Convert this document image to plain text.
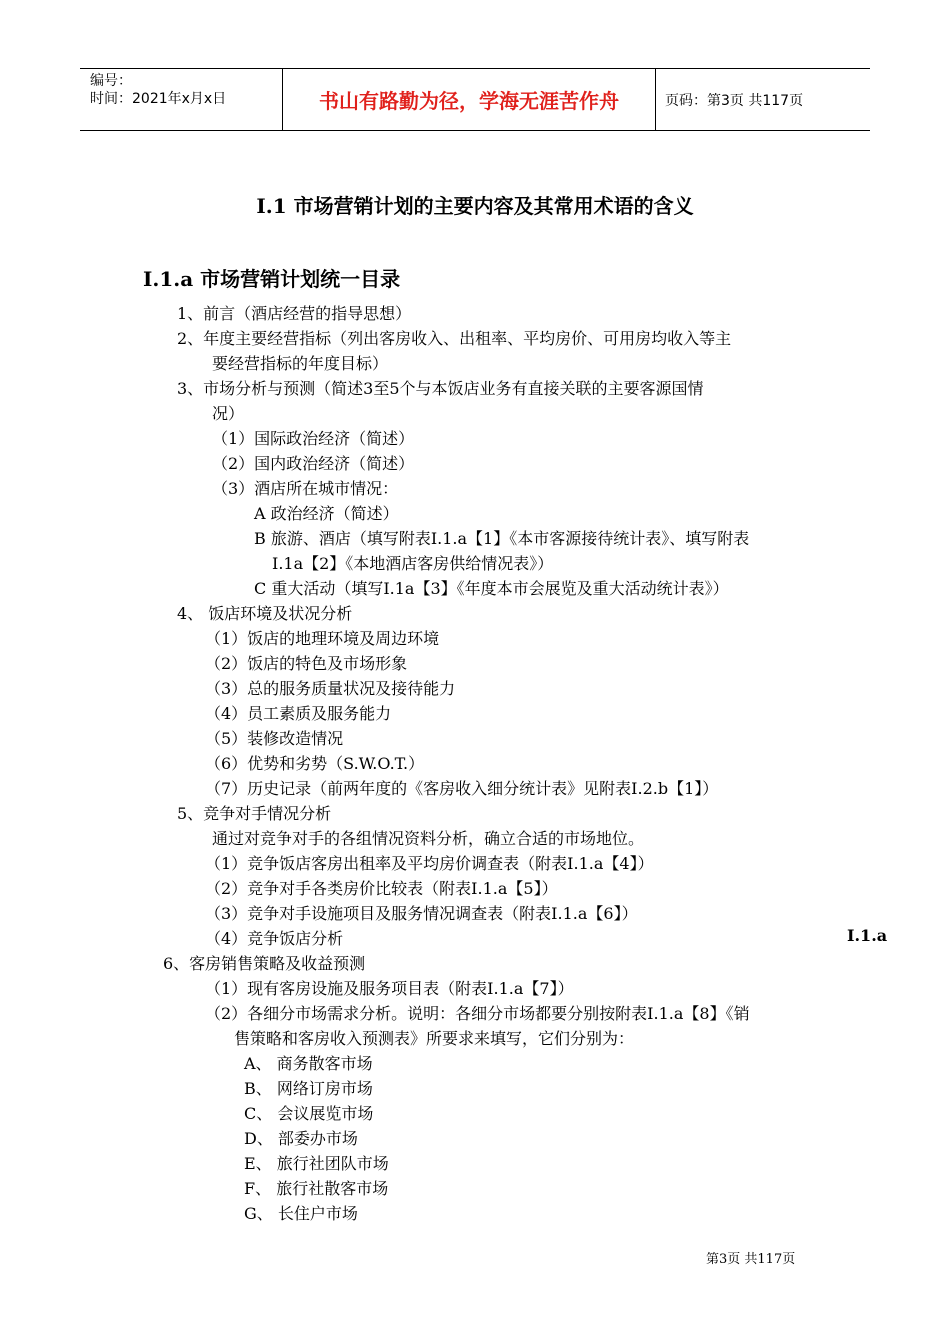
编号：
时间：2021年x月x日	书山有路勤为径，学海无涯苦作舟	页码：第3页 共117页
I.1 市场营销计划的主要内容及其常用术语的含义
I.1.a 市场营销计划统一目录
1、前言（酒店经营的指导思想）
2、年度主要经营指标（列出客房收入、出租率、平均房价、可用房均收入等主
要经营指标的年度目标）
3、市场分析与预测（简述3至5个与本饭店业务有直接关联的主要客源国情
况）
（1）国际政治经济（简述）
（2）国内政治经济（简述）
（3）酒店所在城市情况：
A 政治经济（简述）
B 旅游、酒店（填写附表I.1.a【1】《本市客源接待统计表》、填写附表
I.1a【2】《本地酒店客房供给情况表》）
C 重大活动（填写I.1a【3】《年度本市会展览及重大活动统计表》）
4、 饭店环境及状况分析
（1）饭店的地理环境及周边环境
（2）饭店的特色及市场形象
（3）总的服务质量状况及接待能力
（4）员工素质及服务能力
（5）装修改造情况
（6）优势和劣势（S.W.O.T.）
（7）历史记录（前两年度的《客房收入细分统计表》见附表I.2.b【1】）
5、竞争对手情况分析
通过对竞争对手的各组情况资料分析，确立合适的市场地位。
（1）竞争饭店客房出租率及平均房价调查表（附表I.1.a【4】）
（2）竞争对手各类房价比较表（附表I.1.a【5】）
（3）竞争对手设施项目及服务情况调查表（附表I.1.a【6】）
（4）竞争饭店分析
6、客房销售策略及收益预测
（1）现有客房设施及服务项目表（附表I.1.a【7】）
（2）各细分市场需求分析。说明：各细分市场都要分别按附表I.1.a【8】《销
售策略和客房收入预测表》所要求来填写，它们分别为：
A、 商务散客市场
B、 网络订房市场
C、 会议展览市场
D、 部委办市场
E、 旅行社团队市场
F、 旅行社散客市场
G、 长住户市场
I.1.a
第3页 共117页
